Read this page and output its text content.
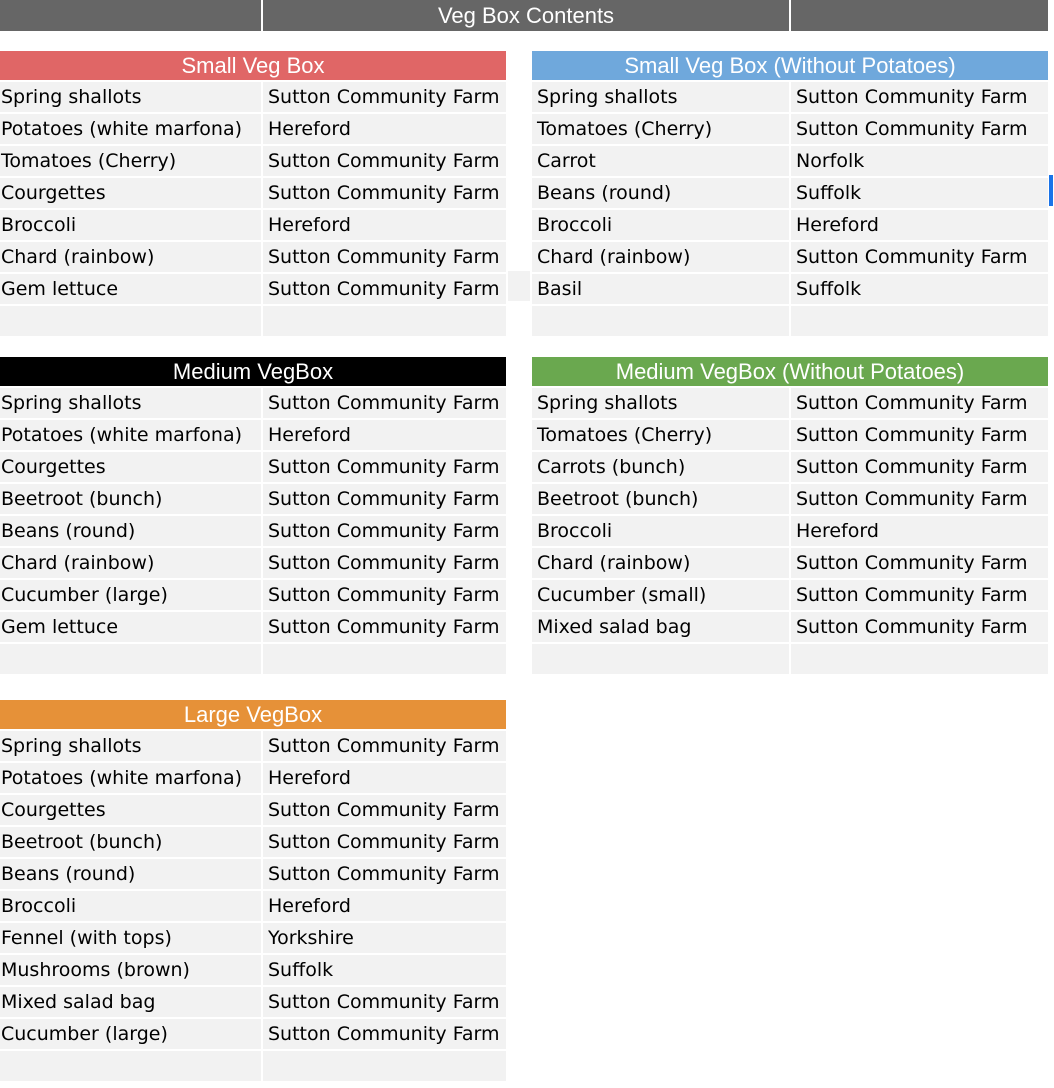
Veg Box Contents
Small Veg Box
Spring shallots	Sutton Community Farm
Potatoes (white marfona)	Hereford
Tomatoes (Cherry)	Sutton Community Farm
Courgettes	Sutton Community Farm
Broccoli	Hereford
Chard (rainbow)	Sutton Community Farm
Gem lettuce	Sutton Community Farm
Small Veg Box (Without Potatoes)
Spring shallots	Sutton Community Farm
Tomatoes (Cherry)	Sutton Community Farm
Carrot	Norfolk
Beans (round)	Suffolk
Broccoli	Hereford
Chard (rainbow)	Sutton Community Farm
Basil	Suffolk
Medium VegBox
Spring shallots	Sutton Community Farm
Potatoes (white marfona)	Hereford
Courgettes	Sutton Community Farm
Beetroot (bunch)	Sutton Community Farm
Beans (round)	Sutton Community Farm
Chard (rainbow)	Sutton Community Farm
Cucumber (large)	Sutton Community Farm
Gem lettuce	Sutton Community Farm
Medium VegBox (Without Potatoes)
Spring shallots	Sutton Community Farm
Tomatoes (Cherry)	Sutton Community Farm
Carrots (bunch)	Sutton Community Farm
Beetroot (bunch)	Sutton Community Farm
Broccoli	Hereford
Chard (rainbow)	Sutton Community Farm
Cucumber (small)	Sutton Community Farm
Mixed salad bag	Sutton Community Farm
Large VegBox
Spring shallots	Sutton Community Farm
Potatoes (white marfona)	Hereford
Courgettes	Sutton Community Farm
Beetroot (bunch)	Sutton Community Farm
Beans (round)	Sutton Community Farm
Broccoli	Hereford
Fennel (with tops)	Yorkshire
Mushrooms (brown)	Suffolk
Mixed salad bag	Sutton Community Farm
Cucumber (large)	Sutton Community Farm
